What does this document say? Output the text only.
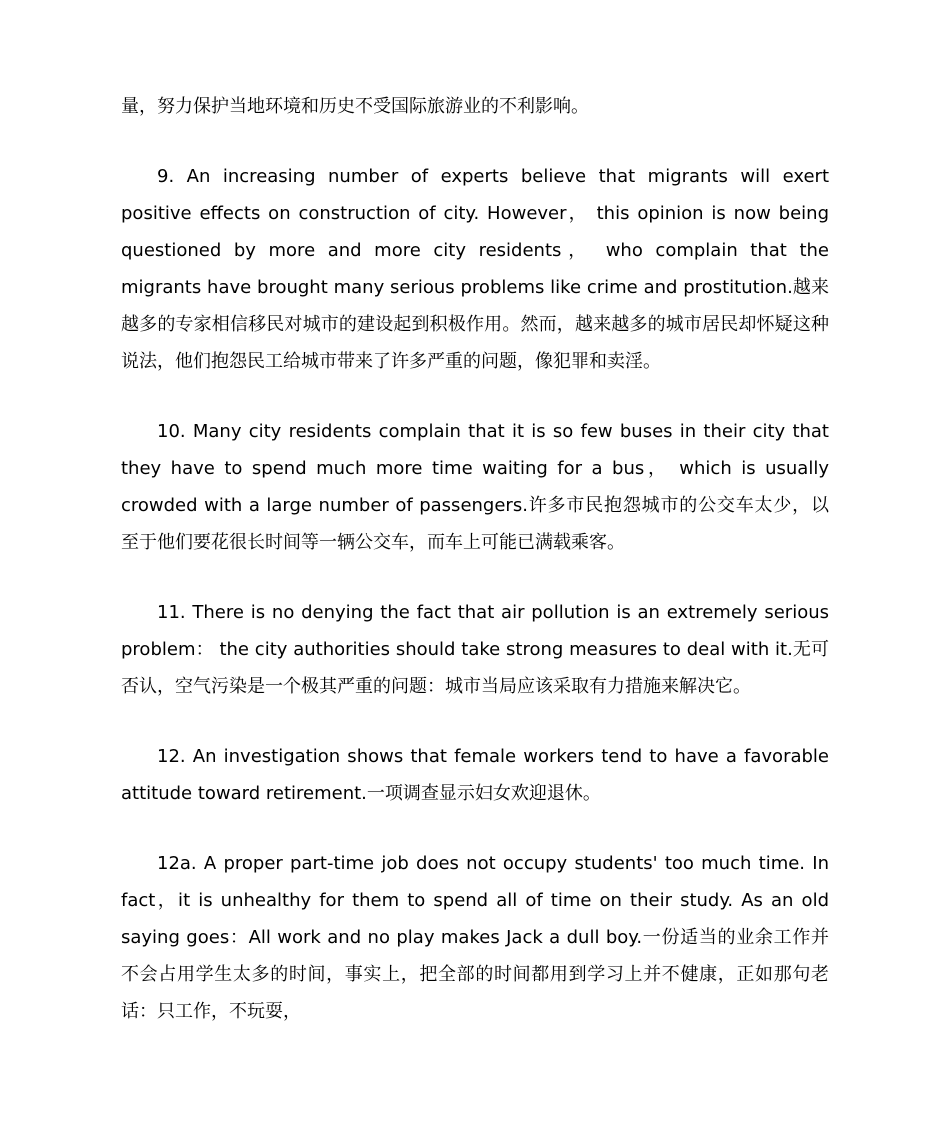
量，努力保护当地环境和历史不受国际旅游业的不利影响。

9. An increasing number of experts believe that migrants will exert positive effects on construction of city. However， this opinion is now being questioned by more and more city residents， who complain that the migrants have brought many serious problems like crime and prostitution.越来越多的专家相信移民对城市的建设起到积极作用。然而，越来越多的城市居民却怀疑这种说法，他们抱怨民工给城市带来了许多严重的问题，像犯罪和卖淫。

10. Many city residents complain that it is so few buses in their city that they have to spend much more time waiting for a bus， which is usually crowded with a large number of passengers.许多市民抱怨城市的公交车太少，以至于他们要花很长时间等一辆公交车，而车上可能已满载乘客。

11. There is no denying the fact that air pollution is an extremely serious problem： the city authorities should take strong measures to deal with it.无可否认，空气污染是一个极其严重的问题：城市当局应该采取有力措施来解决它。

12. An investigation shows that female workers tend to have a favorable attitude toward retirement.一项调查显示妇女欢迎退休。

12a. A proper part-time job does not occupy students' too much time. In fact，it is unhealthy for them to spend all of time on their study. As an old saying goes：All work and no play makes Jack a dull boy.一份适当的业余工作并不会占用学生太多的时间，事实上，把全部的时间都用到学习上并不健康，正如那句老话：只工作，不玩耍，
